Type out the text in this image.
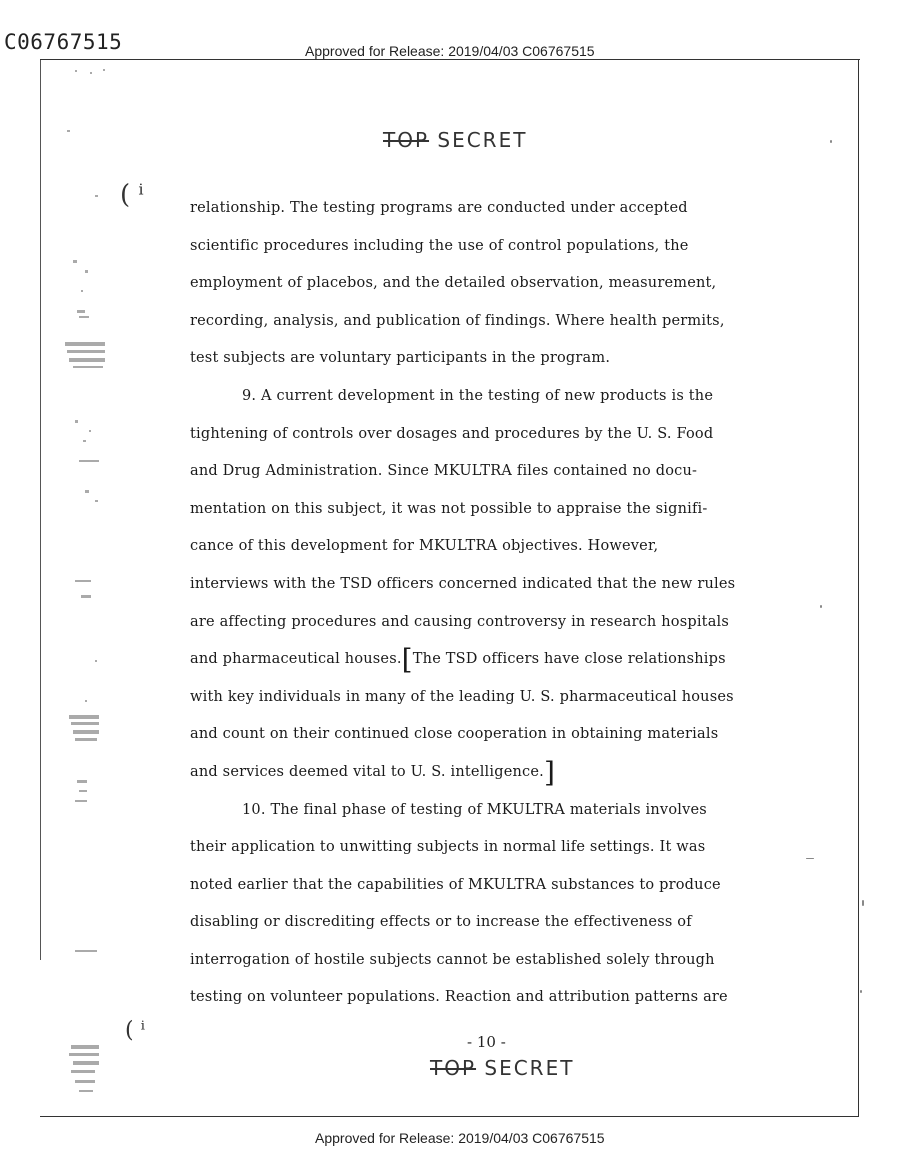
C06767515	Approved for Release: 2019/04/03 C06767515
TOP SECRET
( ⁱ	relationship. The testing programs are conducted under accepted
scientific procedures including the use of control populations, the
employment of placebos, and the detailed observation, measurement,
recording, analysis, and publication of findings. Where health permits,
test subjects are voluntary participants in the program.
9. A current development in the testing of new products is the
tightening of controls over dosages and procedures by the U. S. Food
and Drug Administration. Since MKULTRA files contained no docu-
mentation on this subject, it was not possible to appraise the signifi-
cance of this development for MKULTRA objectives. However,
interviews with the TSD officers concerned indicated that the new rules
are affecting procedures and causing controversy in research hospitals
and pharmaceutical houses.[The TSD officers have close relationships
with key individuals in many of the leading U. S. pharmaceutical houses
and count on their continued close cooperation in obtaining materials
and services deemed vital to U. S. intelligence.]
10. The final phase of testing of MKULTRA materials involves
their application to unwitting subjects in normal life settings. It was
noted earlier that the capabilities of MKULTRA substances to produce
disabling or discrediting effects or to increase the effectiveness of
interrogation of hostile subjects cannot be established solely through
testing on volunteer populations. Reaction and attribution patterns are
( ⁱ	- 10 -
TOP SECRET
Approved for Release: 2019/04/03 C06767515
